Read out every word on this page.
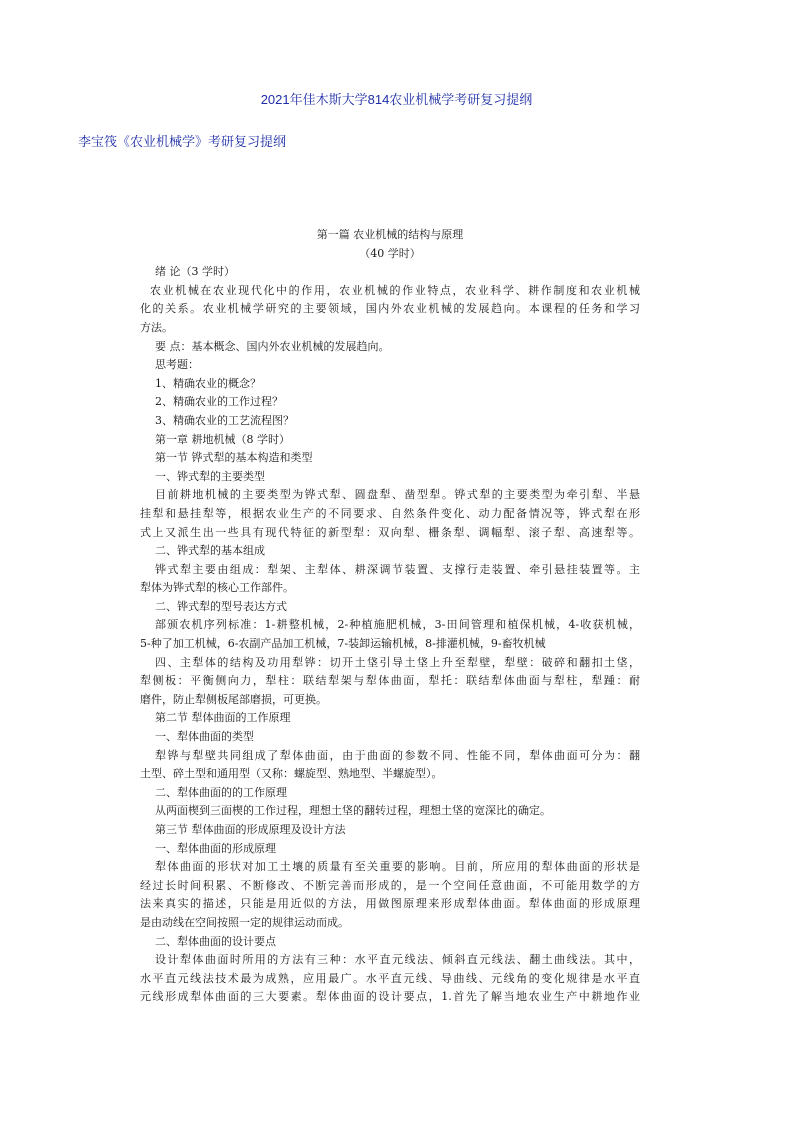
2021年佳木斯大学814农业机械学考研复习提纲
李宝筏《农业机械学》考研复习提纲
第一篇 农业机械的结构与原理
（40 学时）
绪 论（3 学时）
农业机械在农业现代化中的作用，农业机械的作业特点，农业科学、耕作制度和农业机械
化的关系。农业机械学研究的主要领域，国内外农业机械的发展趋向。本课程的任务和学习
方法。
要 点：基本概念、国内外农业机械的发展趋向。
思考题：
1、精确农业的概念？
2、精确农业的工作过程？
3、精确农业的工艺流程图？
第一章 耕地机械（8 学时）
第一节 铧式犁的基本构造和类型
一、铧式犁的主要类型
目前耕地机械的主要类型为铧式犁、圆盘犁、凿型犁。铧式犁的主要类型为牵引犁、半悬
挂犁和悬挂犁等，根据农业生产的不同要求、自然条件变化、动力配备情况等，铧式犁在形
式上又派生出一些具有现代特征的新型犁：双向犁、栅条犁、调幅犁、滚子犁、高速犁等。
二、铧式犁的基本组成
铧式犁主要由组成：犁架、主犁体、耕深调节装置、支撑行走装置、牵引悬挂装置等。主
犁体为铧式犁的核心工作部件。
二、铧式犁的型号表达方式
部颁农机序列标准：1-耕整机械，2-种植施肥机械，3-田间管理和植保机械，4-收获机械，
5-种了加工机械，6-农副产品加工机械，7-装卸运输机械，8-排灌机械，9-畜牧机械
四、主犁体的结构及功用犁铧：切开土垡引导土垡上升至犁壁，犁壁：破碎和翻扣土垡，
犁侧板：平衡侧向力，犁柱：联结犁架与犁体曲面，犁托：联结犁体曲面与犁柱，犁踵：耐
磨件，防止犁侧板尾部磨损，可更换。
第二节 犁体曲面的工作原理
一、犁体曲面的类型
犁铧与犁壁共同组成了犁体曲面，由于曲面的参数不同、性能不同，犁体曲面可分为：翻
土型、碎土型和通用型（又称：螺旋型、熟地型、半螺旋型）。
二、犁体曲面的的工作原理
从两面楔到三面楔的工作过程，理想土垡的翻转过程，理想土垡的宽深比的确定。
第三节 犁体曲面的形成原理及设计方法
一、犁体曲面的形成原理
犁体曲面的形状对加工土壤的质量有至关重要的影响。目前，所应用的犁体曲面的形状是
经过长时间积累、不断修改、不断完善而形成的，是一个空间任意曲面，不可能用数学的方
法来真实的描述，只能是用近似的方法，用做图原理来形成犁体曲面。犁体曲面的形成原理
是由动线在空间按照一定的规律运动而成。
二、犁体曲面的设计要点
设计犁体曲面时所用的方法有三种：水平直元线法、倾斜直元线法、翻土曲线法。其中，
水平直元线法技术最为成熟，应用最广。水平直元线、导曲线、元线角的变化规律是水平直
元线形成犁体曲面的三大要素。犁体曲面的设计要点，1.首先了解当地农业生产中耕地作业
